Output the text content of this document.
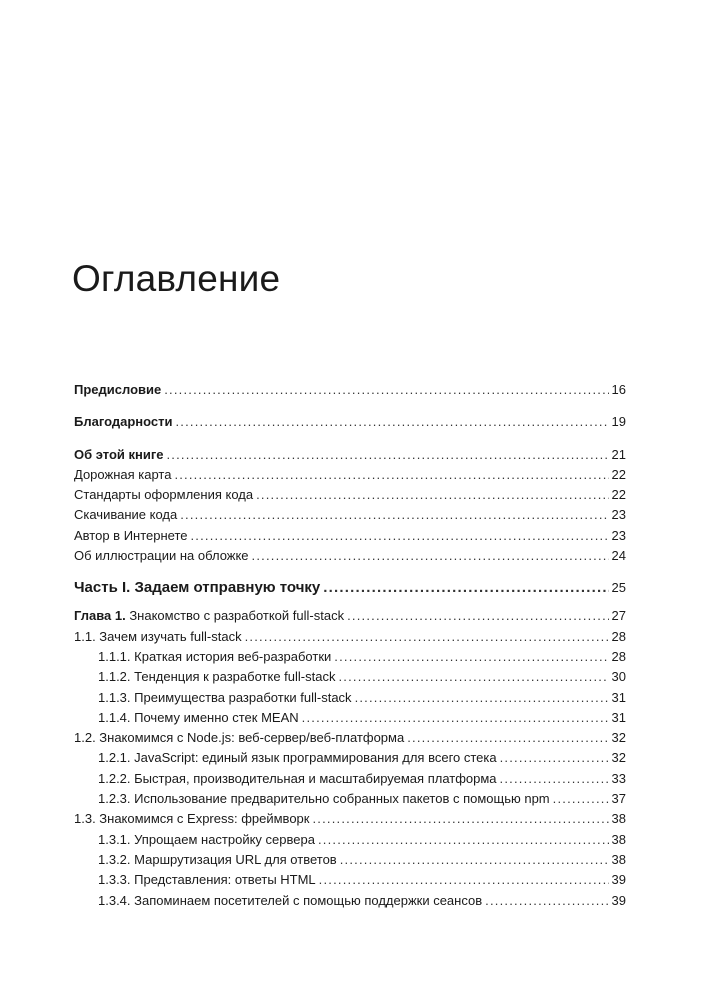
Оглавление
Предисловие .....	16
Благодарности .....	19
Об этой книге .....	21
Дорожная карта .....	22
Стандарты оформления кода .....	22
Скачивание кода .....	23
Автор в Интернете .....	23
Об иллюстрации на обложке .....	24
Часть I. Задаем отправную точку .....	25
Глава 1. Знакомство с разработкой full-stack .....	27
1.1. Зачем изучать full-stack .....	28
1.1.1. Краткая история веб-разработки .....	28
1.1.2. Тенденция к разработке full-stack .....	30
1.1.3. Преимущества разработки full-stack .....	31
1.1.4. Почему именно стек MEAN .....	31
1.2. Знакомимся с Node.js: веб-сервер/веб-платформа .....	32
1.2.1. JavaScript: единый язык программирования для всего стека .....	32
1.2.2. Быстрая, производительная и масштабируемая платформа .....	33
1.2.3. Использование предварительно собранных пакетов с помощью npm .....	37
1.3. Знакомимся с Express: фреймворк .....	38
1.3.1. Упрощаем настройку сервера .....	38
1.3.2. Маршрутизация URL для ответов .....	38
1.3.3. Представления: ответы HTML .....	39
1.3.4. Запоминаем посетителей с помощью поддержки сеансов .....	39
